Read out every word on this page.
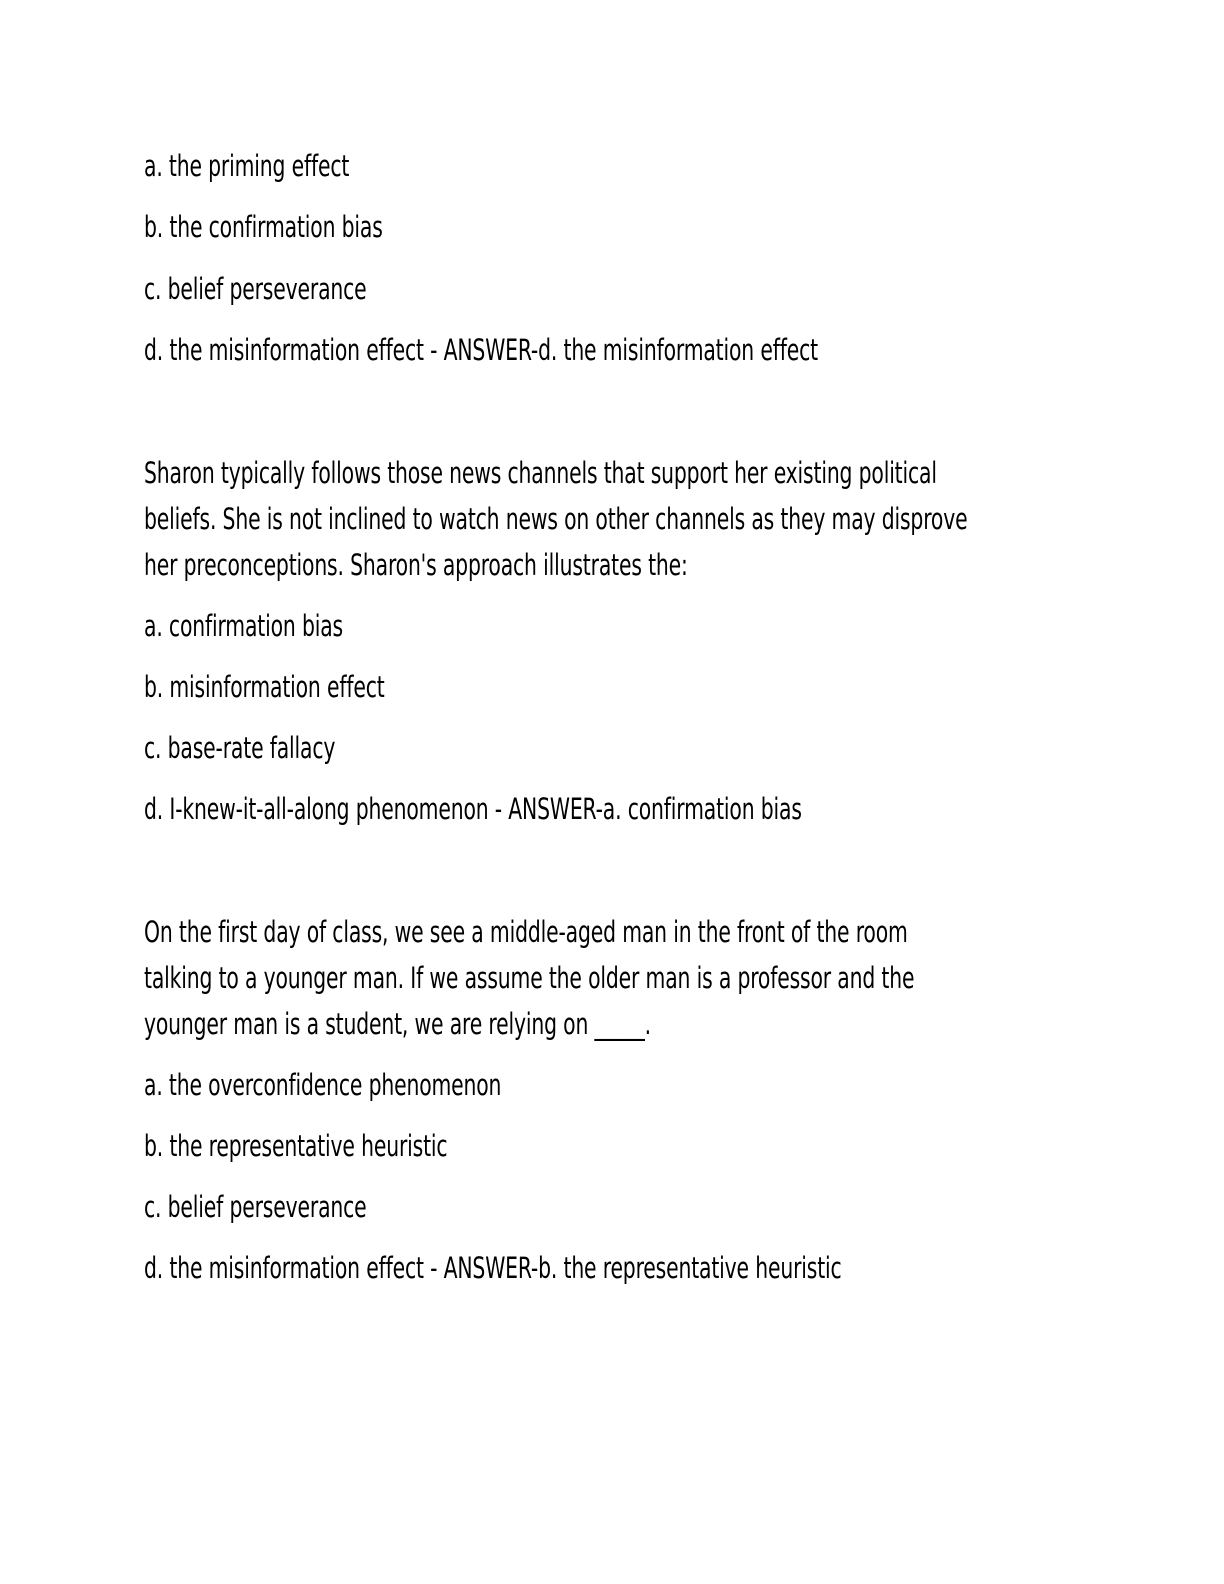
a. the priming effect
b. the confirmation bias
c. belief perseverance
d. the misinformation effect - ANSWER-d. the misinformation effect
Sharon typically follows those news channels that support her existing political
beliefs. She is not inclined to watch news on other channels as they may disprove
her preconceptions. Sharon's approach illustrates the:
a. confirmation bias
b. misinformation effect
c. base-rate fallacy
d. I-knew-it-all-along phenomenon - ANSWER-a. confirmation bias
On the first day of class, we see a middle-aged man in the front of the room
talking to a younger man. If we assume the older man is a professor and the
younger man is a student, we are relying on _____.
a. the overconfidence phenomenon
b. the representative heuristic
c. belief perseverance
d. the misinformation effect - ANSWER-b. the representative heuristic
